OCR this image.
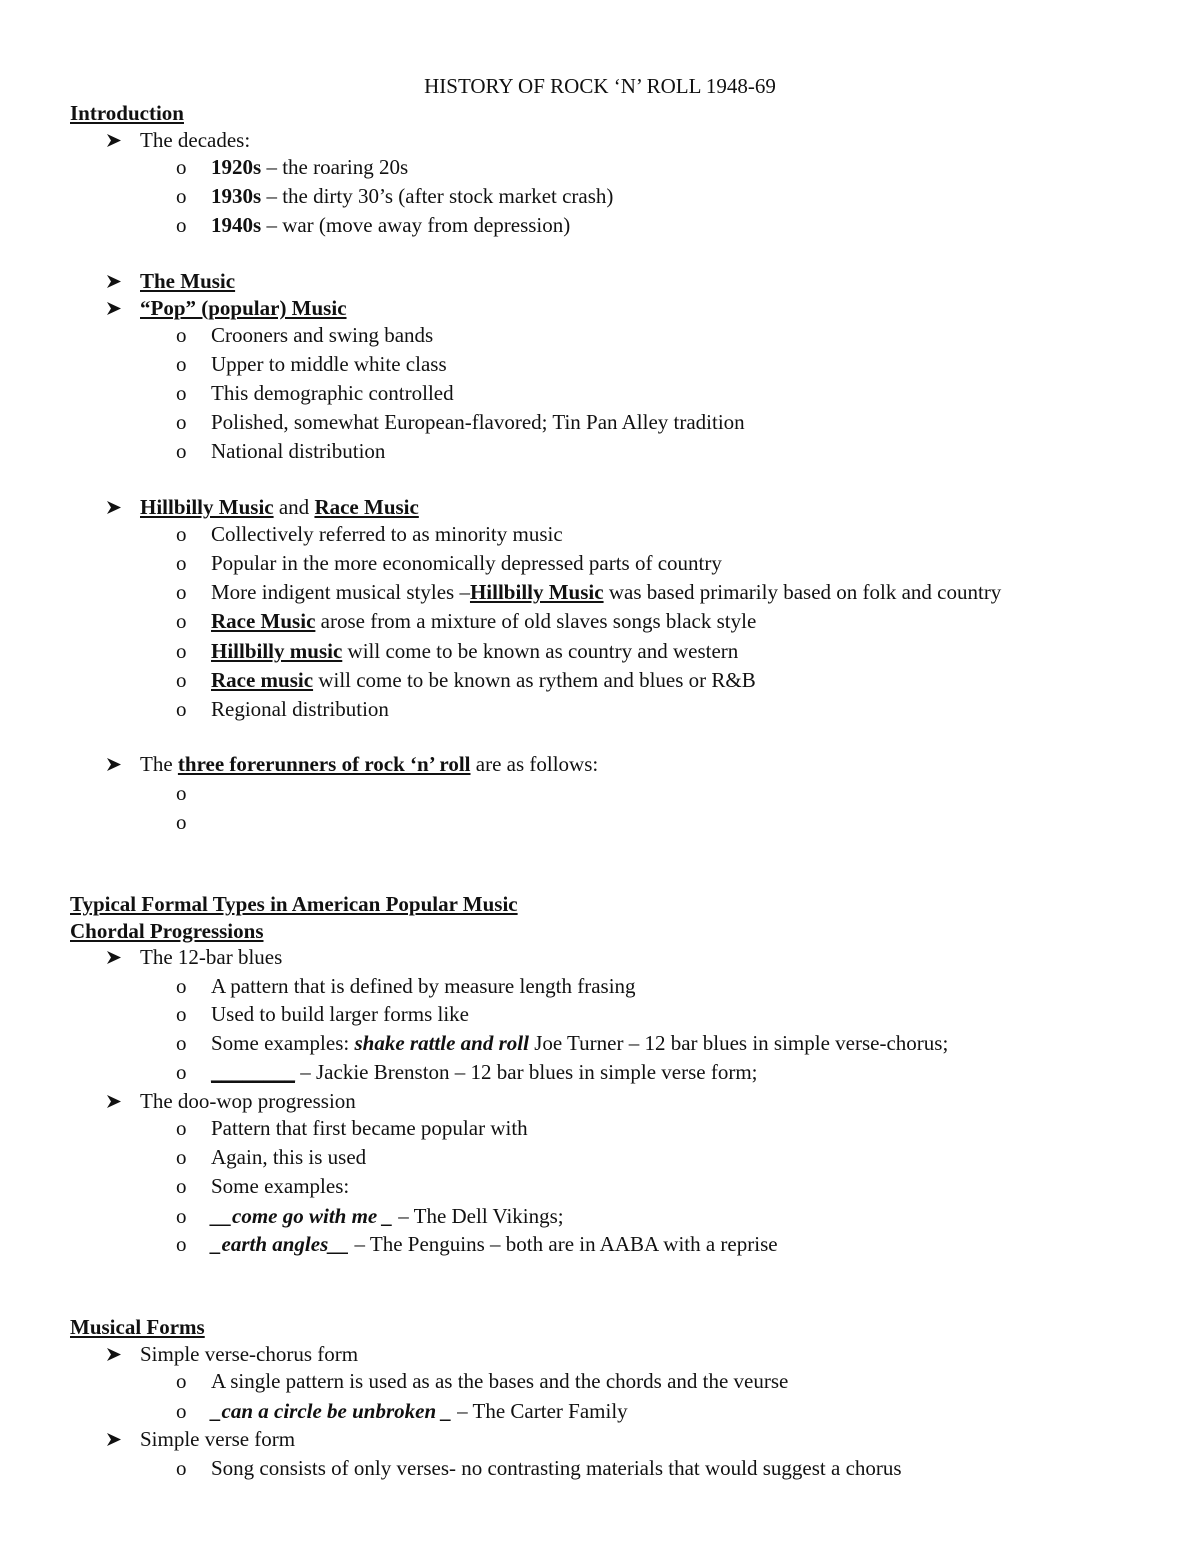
HISTORY OF ROCK ‘N’ ROLL 1948-69
Introduction
The decades:
o 1920s – the roaring 20s
o 1930s – the dirty 30’s (after stock market crash)
o 1940s – war (move away from depression)
The Music
“Pop” (popular) Music
o Crooners and swing bands
o Upper to middle white class
o This demographic controlled
o Polished, somewhat European-flavored; Tin Pan Alley tradition
o National distribution
Hillbilly Music and Race Music
o Collectively referred to as minority music
o Popular in the more economically depressed parts of country
o More indigent musical styles –Hillbilly Music was based primarily based on folk and country
o Race Music arose from a mixture of old slaves songs black style
o Hillbilly music will come to be known as country and western
o Race music will come to be known as rythem and blues or R&B
o Regional distribution
The three forerunners of rock ‘n’ roll are as follows:
o
o
Typical Formal Types in American Popular Music
Chordal Progressions
The 12-bar blues
o A pattern that is defined by measure length frasing
o Used to build larger forms like
o Some examples: shake rattle and roll Joe Turner – 12 bar blues in simple verse-chorus;
o ________ – Jackie Brenston – 12 bar blues in simple verse form;
The doo-wop progression
o Pattern that first became popular with
o Again, this is used
o Some examples:
o __come go with me _ – The Dell Vikings;
o _earth angles__ – The Penguins – both are in AABA with a reprise
Musical Forms
Simple verse-chorus form
o A single pattern is used as as the bases and the chords and the veurse
o _can a circle be unbroken _ – The Carter Family
Simple verse form
o Song consists of only verses- no contrasting materials that would suggest a chorus
